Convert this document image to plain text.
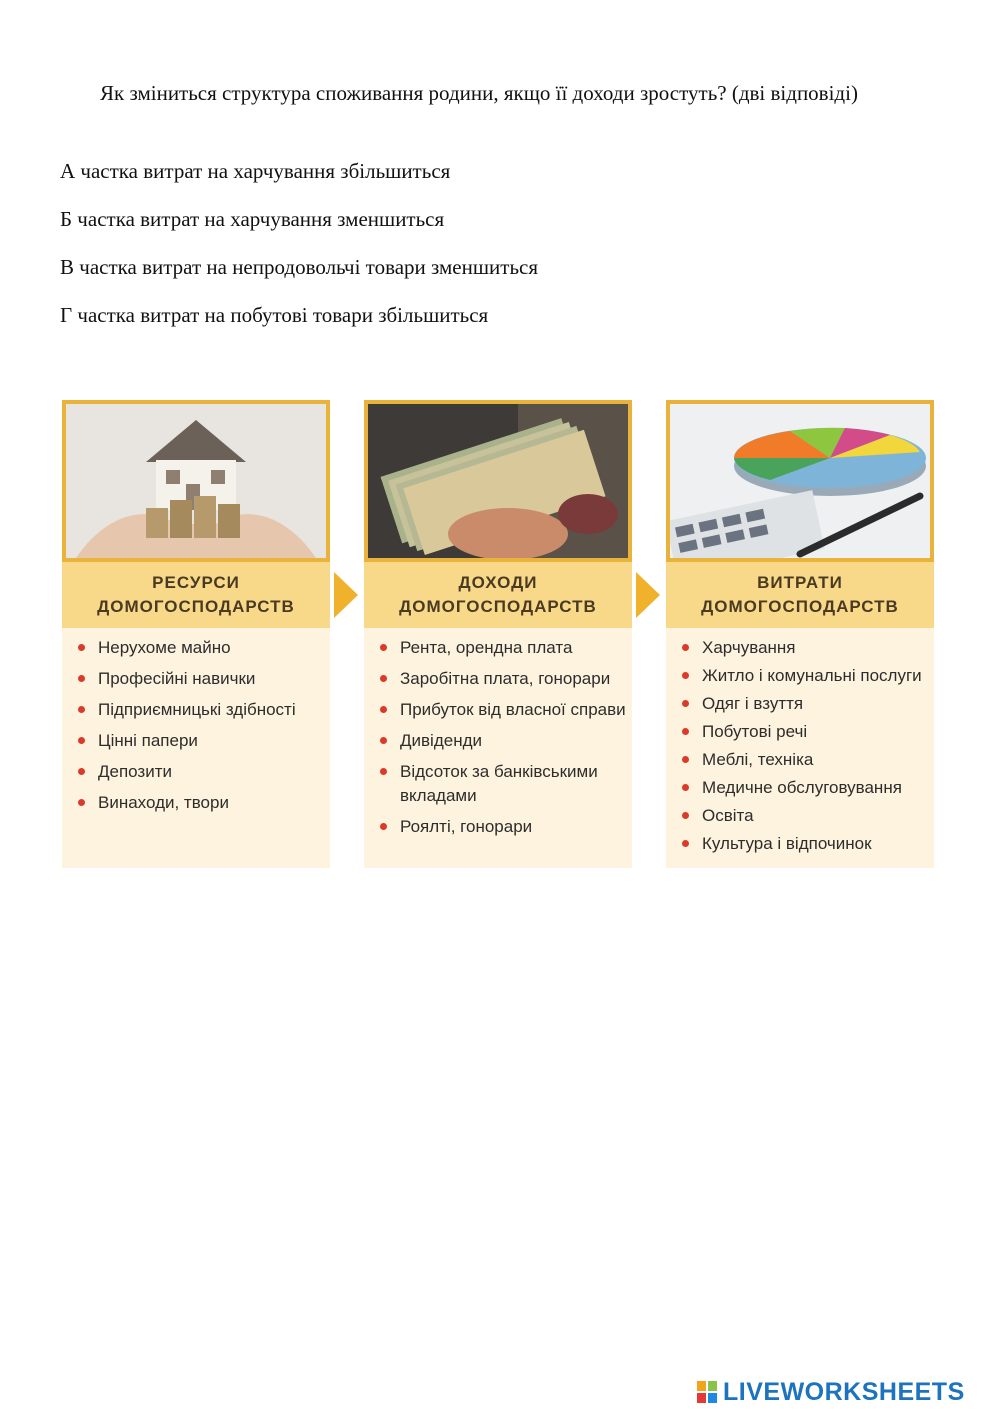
Як зміниться структура споживання родини, якщо її доходи зростуть? (дві відповіді)

А частка витрат на харчування збільшиться

Б частка витрат на харчування зменшиться

В частка витрат на непродовольчі товари зменшиться

Г частка витрат на побутові товари збільшиться

РЕСУРСИ
ДОМОГОСПОДАРСТВ
Нерухоме майно
Професійні навички
Підприємницькі здібності
Цінні папери
Депозити
Винаходи, твори
ДОХОДИ
ДОМОГОСПОДАРСТВ
Рента, орендна плата
Заробітна плата, гонорари
Прибуток від власної справи
Дивіденди
Відсоток за банківськими вкладами
Роялті, гонорари
ВИТРАТИ
ДОМОГОСПОДАРСТВ
Харчування
Житло і комунальні послуги
Одяг і взуття
Побутові речі
Меблі, техніка
Медичне обслуговування
Освіта
Культура і відпочинок
LIVEWORKSHEETS
